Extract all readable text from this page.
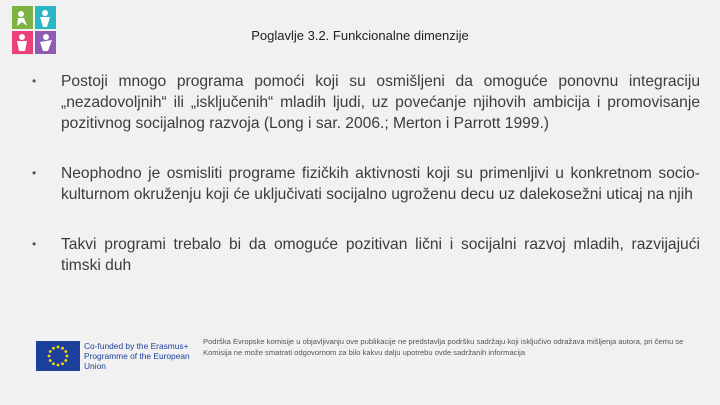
~~~~~~~~~~~~~~~~~~
Poglavlje 3.2. Funkcionalne dimenzije
• Postoji mnogo programa pomoći koji su osmišljeni da omoguće ponovnu integraciju „nezadovoljnih“ ili „isključenih“ mladih ljudi, uz povećanje njihovih ambicija i promovisanje pozitivnog socijalnog razvoja (Long i sar. 2006.; Merton i Parrott 1999.)
• Neophodno je osmisliti programe fizičkih aktivnosti koji su primenljivi u konkretnom socio-kulturnom okruženju koji će uključivati socijalno ugroženu decu uz dalekosežni uticaj na njih
• Takvi programi trebalo bi da omoguće pozitivan lični i socijalni razvoj mladih, razvijajući timski duh
Co-funded by the Erasmus+ Programme of the European Union
Podrška Evropske komisije u objavljivanju ove publikacije ne predstavlja podršku sadržaju koji isključivo odražava mišljenja autora, pri čemu se Komisija ne može smatrati odgovornom za bilo kakvu dalju upotrebu ovde sadržanih informacija
